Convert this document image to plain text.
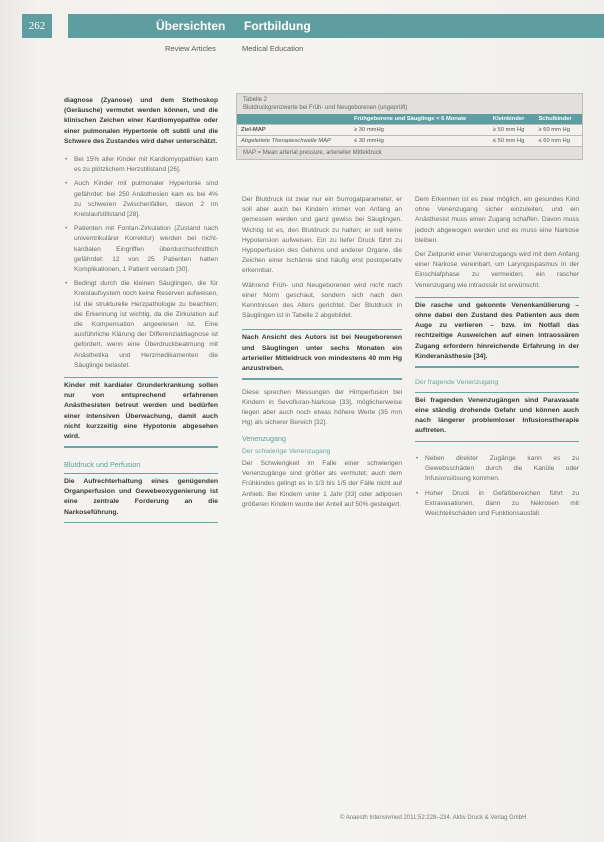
262	Übersichten	Fortbildung
Review Articles	Medical Education

diagnose (Zyanose) und dem Stethoskop (Geräusche) vermutet werden können, und die klinischen Zeichen einer Kardiomyopathie oder einer pulmonalen Hypertonie oft subtil und die Schwere des Zustandes wird daher unterschätzt.

• Bei 15% aller Kinder mit Kardiomyopathien kam es zu plötzlichem Herzstillstand [26].
• Auch Kinder mit pulmonaler Hypertonie sind gefährdet: bei 250 Anästhesien kam es bei 4% zu schweren Zwischenfällen, davon 2 im Kreislaufstillstand [28].
• Patienten mit Fontan-Zirkulation (Zustand nach univentrikulärer Korrektur) werden bei nicht-kardialen Eingriffen überdurchschnittlich gefährdet: 12 von 25 Patienten hatten Komplikationen, 1 Patient verstarb [30].
• Bedingt durch die kleinen Säuglingen, die für Kreislaufsystem noch keine Reserven aufweisen, ist die strukturelle Herzpathologie zu beachten; die Erkennung ist wichtig, da die Zirkulation auf die Kompensation angewiesen ist. Eine ausführliche Klärung der Differenzialdiagnose ist gefordert, wenn eine Überdruckbeatmung mit Anästhetika und Herzmedikamenten die Säuglinge belastet.
Kinder mit kardialer Grunderkrankung sollen nur von entsprechend erfahrenen Anästhesisten betreut werden und bedürfen einer intensiven Überwachung, damit auch nicht kurzzeitig eine Hypotonie abgesehen wird.
Blutdruck und Perfusion
Die Aufrechterhaltung eines genügenden Organperfusion und Gewebeoxygenierung ist eine zentrale Forderung an die Narkoseführung.
Tabelle 2
Blutdruckgrenzwerte bei Früh- und Neugeborenen (ungeprüft)
	Frühgeborene und Säuglinge < 6 Monate	Kleinkinder	Schulkinder
Ziel-MAP	≥ 30 mmHg	≥ 50 mm Hg	≥ 60 mm Hg
Abgeleitete Therapieschwelle MAP	≤ 30 mmHg	≤ 50 mm Hg	≤ 60 mm Hg
MAP = Mean arterial pressure, arterieller Mitteldruck

Der Blutdruck ist zwar nur ein Surrogatparameter, er soll aber auch bei Kindern immer von Anfang an gemessen werden und ganz gewiss bei Säuglingen. Wichtig ist es, den Blutdruck zu halten; er soll keine Hypotension aufweisen. Ein zu tiefer Druck führt zu Hypoperfusion des Gehirns und anderer Organe, die Zeichen einer Ischämie sind häufig erst postoperativ erkennbar.

Während Früh- und Neugeborenen wird nicht nach einer Norm geschaut, sondern sich nach den Kenntnissen des Alters gerichtet. Der Blutdruck in Säuglingen ist in Tabelle 2 abgebildet.

Nach Ansicht des Autors ist bei Neugeborenen und Säuglingen unter sechs Monaten ein arterieller Mitteldruck von mindestens 40 mm Hg anzustreben.

Diese sprechen Messungen der Hirnperfusion bei Kindern in Sevofluran-Narkose [33], möglicherweise liegen aber auch noch etwas höhere Werte (35 mm Hg) als sicherer Bereich [32].

Venenzugang
Der schwierige Venenzugang

Der Schwierigkeit im Falle einer schwierigen Venenzugänge sind größer als vermutet; auch dem Frühkindes gelingt es in 1/3 bis 1/5 der Fälle nicht auf Anhieb. Bei Kindern unter 1 Jahr [33] oder adipösen größeren Kindern wurde der Anteil auf 50% gesteigert.

Dem Erkennen ist es zwar möglich, ein gesundes Kind ohne Venenzugang sicher einzuleiten, und ein Anästhesist muss einen Zugang schaffen. Davon muss jedoch abgewogen werden und es muss eine Narkose bleiben.

Der Zeitpunkt einer Venenzugangs wird mit dem Anfang einer Narkose vereinbart, um Laryngospasmus in der Einschlafphase zu vermeiden; ein rascher Venenzugang wie intraossär ist erwünscht.

Die rasche und gekonnte Venenkanülierung – ohne dabei den Zustand des Patienten aus dem Auge zu verlieren – bzw. im Notfall das rechtzeitige Ausweichen auf einen intraossären Zugang erfordern hinreichende Erfahrung in der Kinderanästhesie [34].
Der fragende Venenzugang
Bei fragenden Venenzugängen sind Paravasate eine ständig drohende Gefahr und können auch nach längerer problemloser Infusionstherapie auftreten.
• Neben direkter Zugänge kann es zu Gewebsschäden durch die Kanüle oder Infusionslösung kommen.
• Hoher Druck in Gefäßbereichen führt zu Extravasationen, dann zu Nekrosen mit Weichteilschäden und Funktionsausfall.
© Anaesth Intensivmed 2011;52:228–234. Aktiv Druck & Verlag GmbH
